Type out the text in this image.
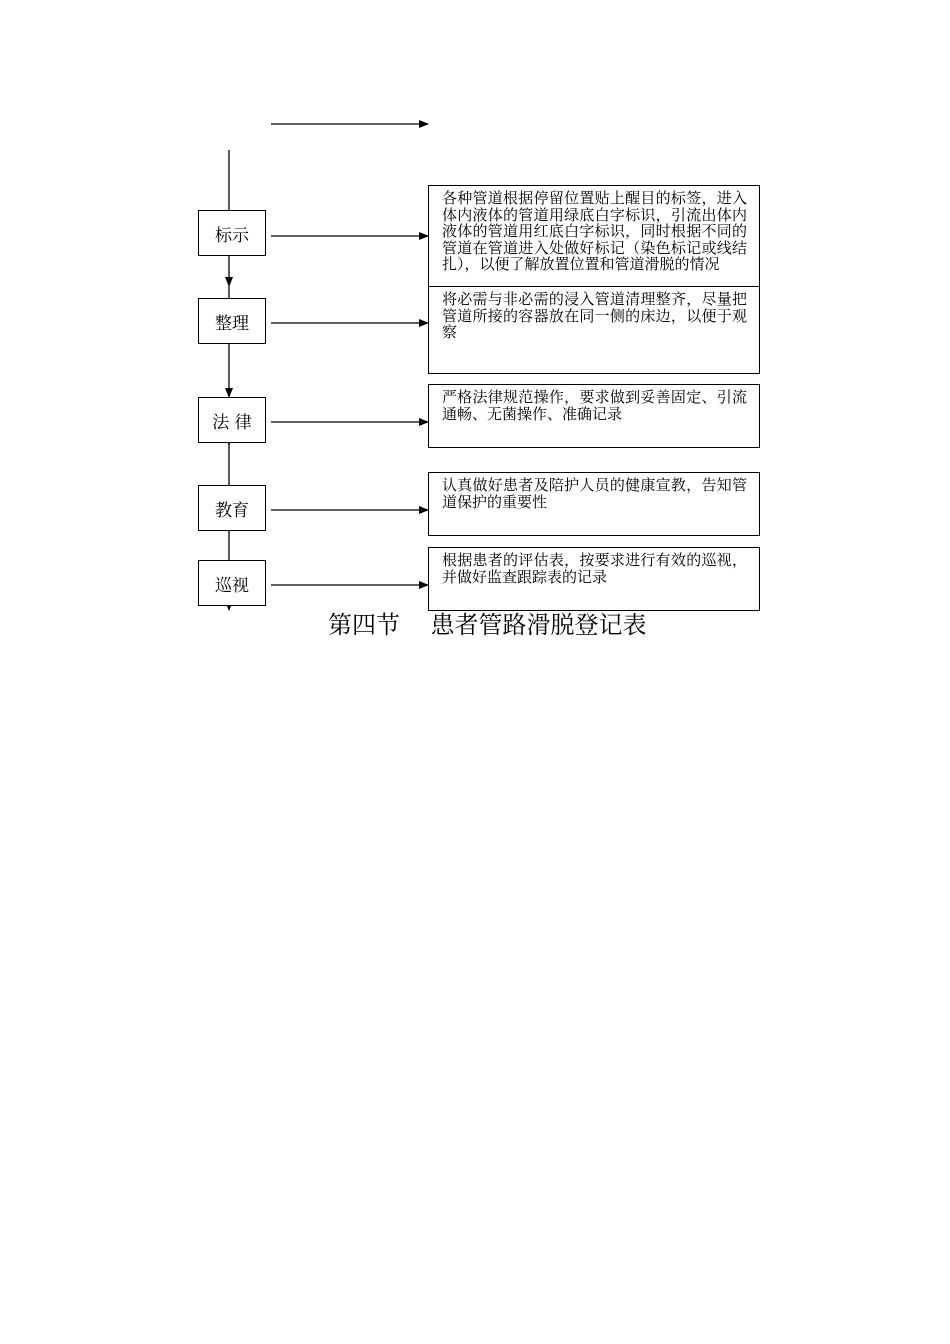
标示
整理
法 律
教育
巡视
各种管道根据停留位置贴上醒目的标签，进入体内液体的管道用绿底白字标识，引流出体内液体的管道用红底白字标识，同时根据不同的管道在管道进入处做好标记（染色标记或线结扎），以便了解放置位置和管道滑脱的情况
将必需与非必需的浸入管道清理整齐，尽量把管道所接的容器放在同一侧的床边，以便于观察
严格法律规范操作，要求做到妥善固定、引流通畅、无菌操作、准确记录
认真做好患者及陪护人员的健康宣教，告知管道保护的重要性
根据患者的评估表，按要求进行有效的巡视，并做好监查跟踪表的记录
第四节    患者管路滑脱登记表
